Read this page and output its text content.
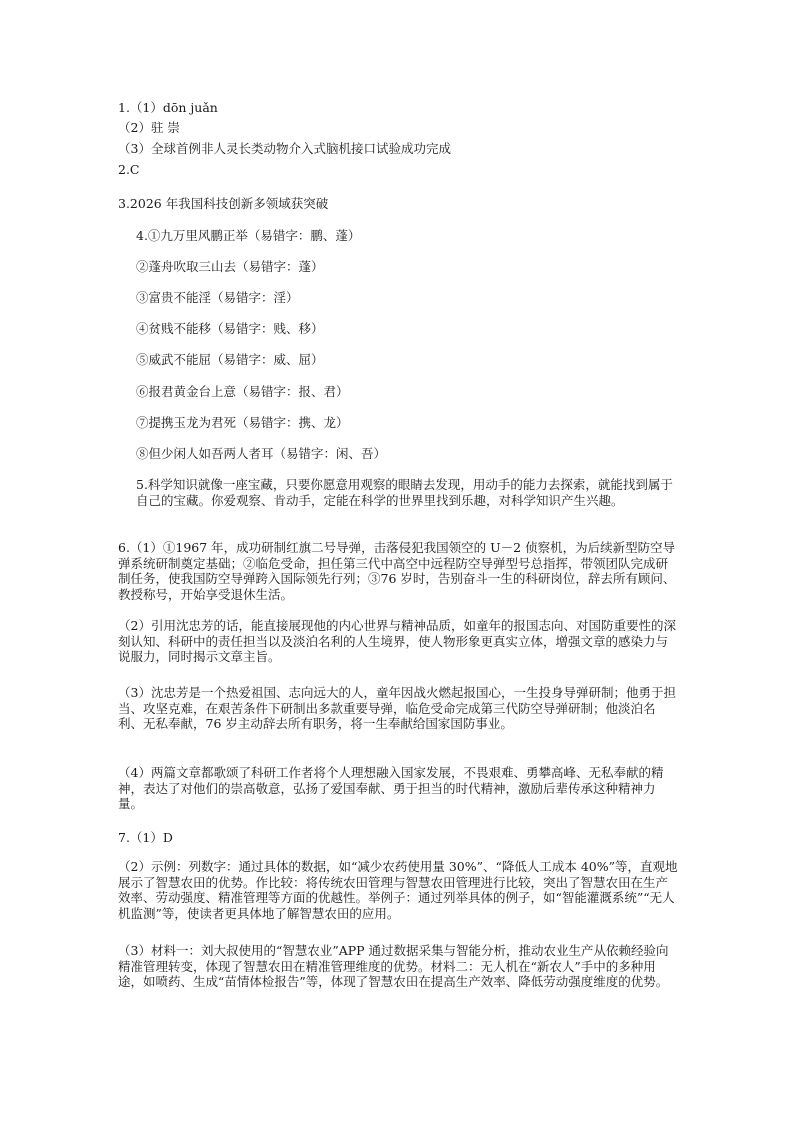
1.（1）dōn juǎn
（2）驻 崇
（3）全球首例非人灵长类动物介入式脑机接口试验成功完成
2.C
3.2026 年我国科技创新多领域获突破
4.①九万里风鹏正举（易错字：鹏、蓬）
②蓬舟吹取三山去（易错字：蓬）
③富贵不能淫（易错字：淫）
④贫贱不能移（易错字：贱、移）
⑤威武不能屈（易错字：威、屈）
⑥报君黄金台上意（易错字：报、君）
⑦提携玉龙为君死（易错字：携、龙）
⑧但少闲人如吾两人者耳（易错字：闲、吾）
5.科学知识就像一座宝藏，只要你愿意用观察的眼睛去发现，用动手的能力去探索，就能找到属于自己的宝藏。你爱观察、肯动手，定能在科学的世界里找到乐趣，对科学知识产生兴趣。
6.（1）①1967 年，成功研制红旗二号导弹，击落侵犯我国领空的 U－2 侦察机，为后续新型防空导弹系统研制奠定基础；②临危受命，担任第三代中高空中远程防空导弹型号总指挥，带领团队完成研制任务，使我国防空导弹跨入国际领先行列；③76 岁时，告别奋斗一生的科研岗位，辞去所有顾问、教授称号，开始享受退休生活。
（2）引用沈忠芳的话，能直接展现他的内心世界与精神品质，如童年的报国志向、对国防重要性的深刻认知、科研中的责任担当以及淡泊名利的人生境界，使人物形象更真实立体，增强文章的感染力与说服力，同时揭示文章主旨。
（3）沈忠芳是一个热爱祖国、志向远大的人，童年因战火燃起报国心，一生投身导弹研制；他勇于担当、攻坚克难，在艰苦条件下研制出多款重要导弹，临危受命完成第三代防空导弹研制；他淡泊名利、无私奉献，76 岁主动辞去所有职务，将一生奉献给国家国防事业。
（4）两篇文章都歌颂了科研工作者将个人理想融入国家发展，不畏艰难、勇攀高峰、无私奉献的精神，表达了对他们的崇高敬意，弘扬了爱国奉献、勇于担当的时代精神，激励后辈传承这种精神力量。
7.（1）D
（2）示例：列数字：通过具体的数据，如“减少农药使用量 30%”、“降低人工成本 40%”等，直观地展示了智慧农田的优势。作比较：将传统农田管理与智慧农田管理进行比较，突出了智慧农田在生产效率、劳动强度、精准管理等方面的优越性。举例子：通过列举具体的例子，如“智能灌溉系统”“无人机监测”等，使读者更具体地了解智慧农田的应用。
（3）材料一：刘大叔使用的“智慧农业”APP 通过数据采集与智能分析，推动农业生产从依赖经验向精准管理转变，体现了智慧农田在精准管理维度的优势。材料二：无人机在“新农人”手中的多种用途，如喷药、生成“苗情体检报告”等，体现了智慧农田在提高生产效率、降低劳动强度维度的优势。
